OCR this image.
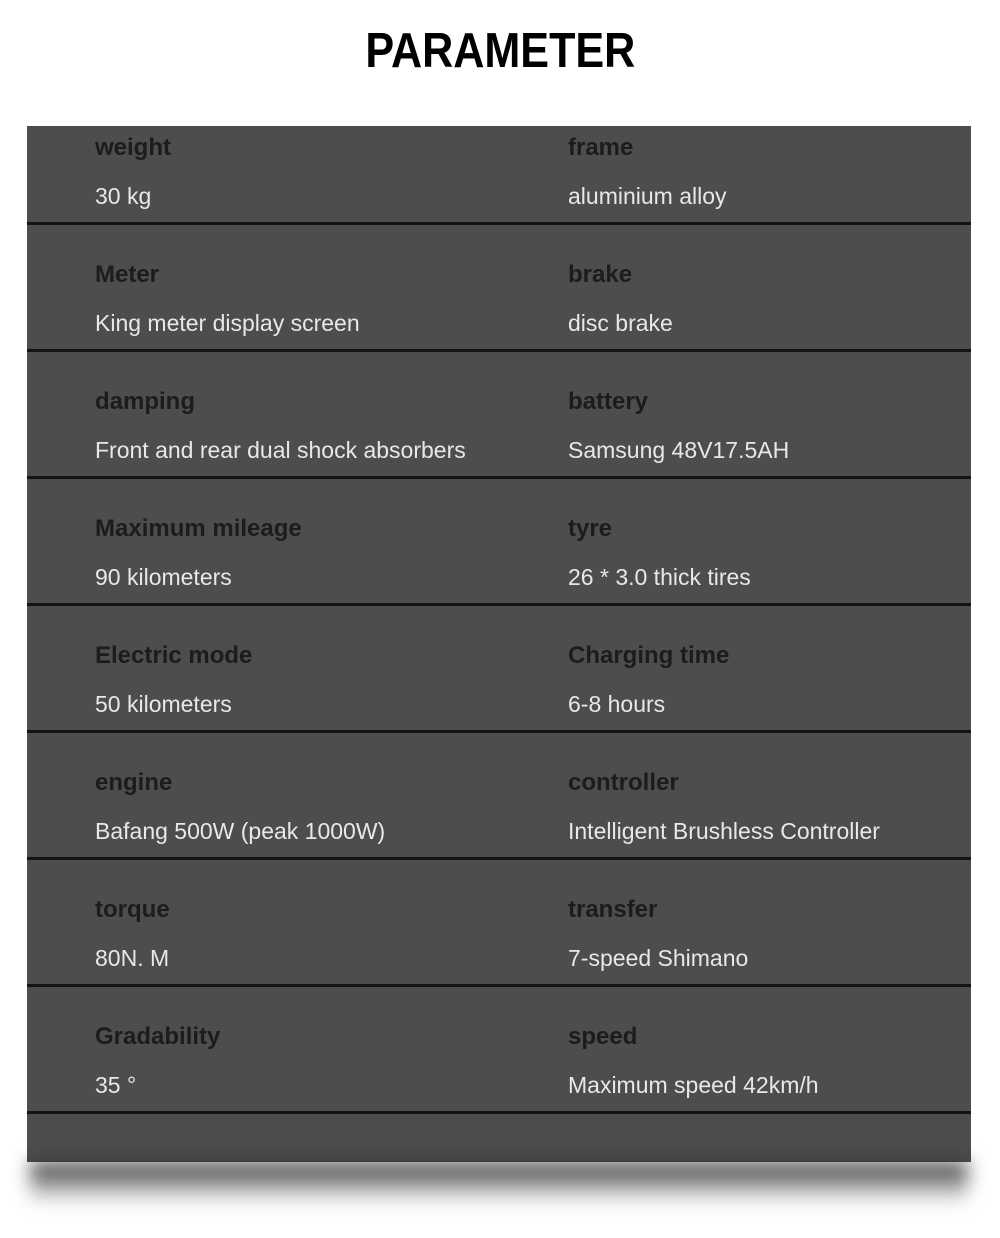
PARAMETER
weight
30 kg
frame
aluminium alloy
Meter
King meter display screen
brake
disc brake
damping
Front and rear dual shock absorbers
battery
Samsung 48V17.5AH
Maximum mileage
90 kilometers
tyre
26 * 3.0 thick tires
Electric mode
50 kilometers
Charging time
6-8 hours
engine
Bafang 500W (peak 1000W)
controller
Intelligent Brushless Controller
torque
80N. M
transfer
7-speed Shimano
Gradability
35 °
speed
Maximum speed 42km/h
